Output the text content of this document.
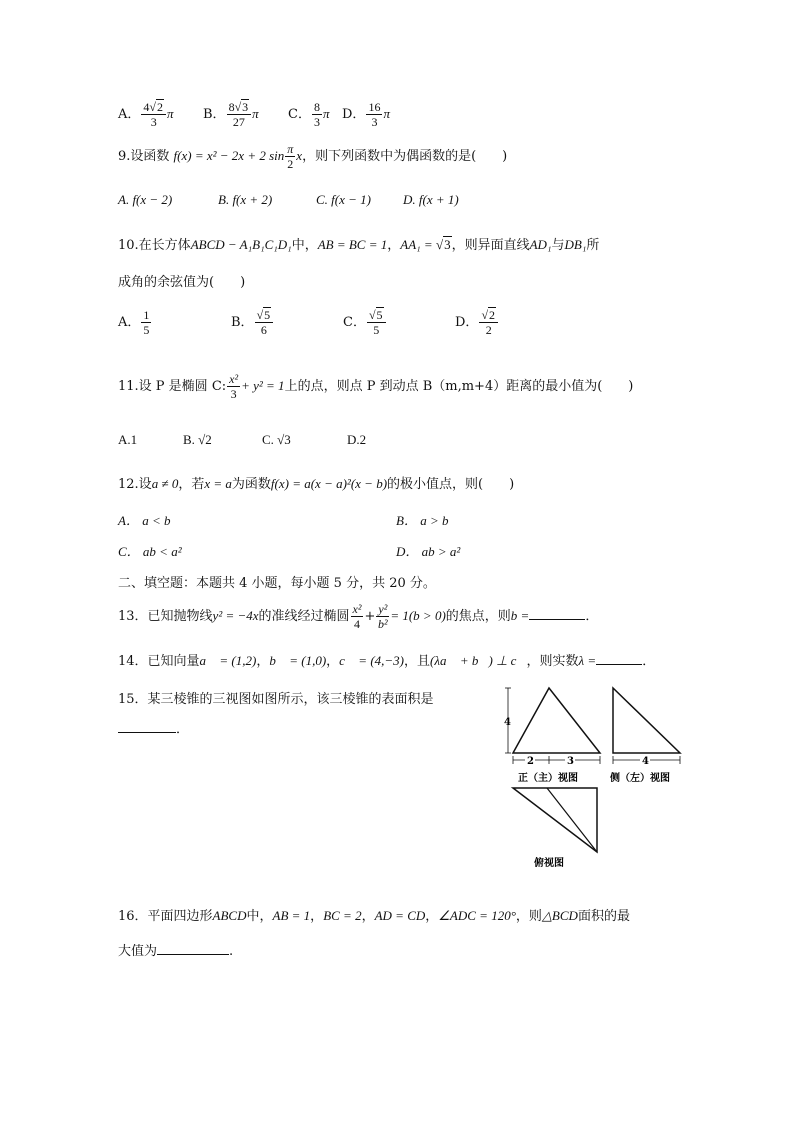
A． $\frac{4√2}{3}$ π B． $\frac{8√3}{27}$ π C． $\frac{8}{3}$ π D． $\frac{16}{3}$ π
9.设函数 f(x) = x² − 2x + 2 $\sin \frac{\pi}{2}$ x，则下列函数中为偶函数的是(　　)
A. f(x − 2)	B. f(x + 2)	C. f(x − 1) D. f(x + 1)
10.在长方体ABCD − A₁B₁C₁D₁中，AB = BC = 1，AA₁ = √3，则异面直线AD₁与DB₁所
成角的余弦值为(　　)
A． $\frac{1}{5}$	B． $\frac{√5}{6}$	C． $\frac{√5}{5}$	D． $\frac{√2}{2}$
11.设 P 是椭圆 C: $\frac{\text{x²}}{3} + y^2 = 1$上的点，则点 P 到动点 B（m,m+4）距离的最小值为(　　)
A.1	B. √2	C. √3	D.2
12.设a ≠ 0，若x = a为函数f(x) = a(x − a)²(x − b)的极小值点，则(　　)
A． a < b	B． a > b
C． ab < a²	D． ab > a²
二、填空题：本题共 4 小题，每小题 5 分，共 20 分。
13．已知抛物线y² = −4x的准线经过椭圆 $\frac{\text{x²}}{4} + \frac{\text{y²}}{\text{b²}} = 1(b > 0)$的焦点，则b =	．
14．已知向量a⃗ = (1,2)，b⃗ = (1,0)，c⃗ = (4,−3)，且(λa⃗ + b⃗) ⊥ c⃗，则实数λ =	．
15．某三棱锥的三视图如图所示，该三棱锥的表面积是
．	4
2	3
正（主）视图
4
侧（左）视图
俯视图
16．平面四边形ABCD中，AB = 1，BC = 2，AD = CD，∠ADC = 120°，则△BCD面积的最
大值为	.
